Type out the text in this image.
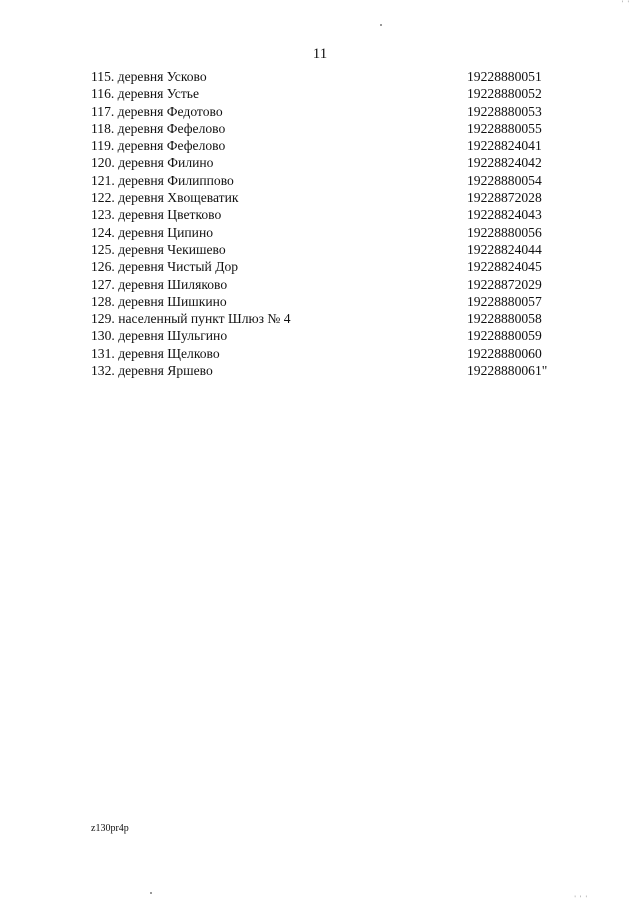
' '
11
115. деревня Усково	19228880051
116. деревня Устье	19228880052
117. деревня Федотово	19228880053
118. деревня Фефелово	19228880055
119. деревня Фефелово	19228824041
120. деревня Филино	19228824042
121. деревня Филиппово	19228880054
122. деревня Хвощеватик	19228872028
123. деревня Цветково	19228824043
124. деревня Ципино	19228880056
125. деревня Чекишево	19228824044
126. деревня Чистый Дор	19228824045
127. деревня Шиляково	19228872029
128. деревня Шишкино	19228880057
129. населенный пункт Шлюз № 4	19228880058
130. деревня Шульгино	19228880059
131. деревня Щелково	19228880060
132. деревня Яршево	19228880061"
z130pr4p
' ' '
